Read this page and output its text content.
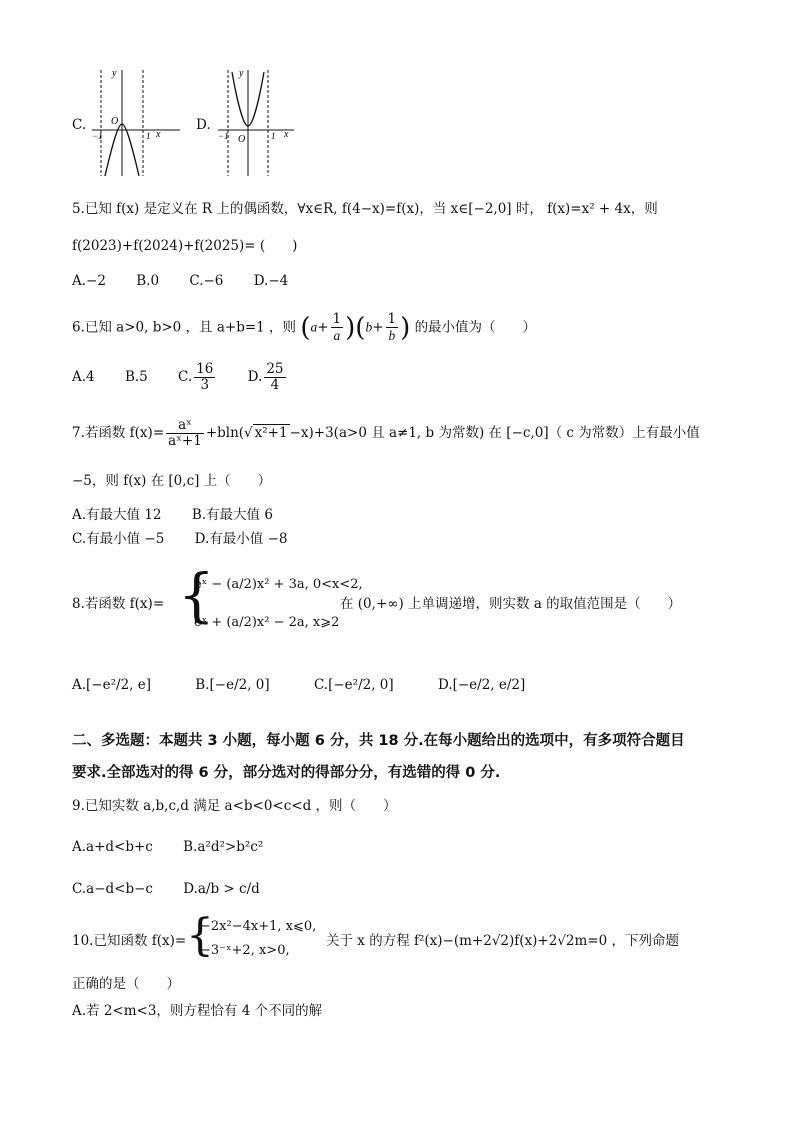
C.
y
x
O
−1	1
D.
y
x
O
−1	1
5.已知 f(x) 是定义在 R 上的偶函数，∀x∈R, f(4−x)=f(x)，当 x∈[−2,0] 时， f(x)=x² + 4x，则
f(2023)+f(2024)+f(2025)= (　　)
A.−2 B.0 C.−6 D.−4
6.已知 a>0, b>0 ，且 a+b=1 ，则 $(a+ \frac{1}{a} )(b+ \frac{1}{b}$ ) 的最小值为（　　）
A.4 B.5 C. $\frac{16}{3} D$. $\frac{25}{4}$
7.若函数 $f(x)= \frac{\text{aˣ}}{\text{aˣ+1}} +bln(√$ x²+1 −x)+3(a>0 且 a≠1, b 为常数) 在 [−c,0]（ c 为常数）上有最小值
−5，则 f(x) 在 [0,c] 上（　　）
A.有最大值 12 B.有最大值 6
C.有最小值 −5 D.有最小值 −8
8.若函数 f(x)= {
eˣ − (a/2)x² + 3a, 0<x<2,
eˣ + (a/2)x² − 2a, x⩾2
在 (0,+∞) 上单调递增，则实数 a 的取值范围是（　　）
A.[−e²/2, e]	B.[−e/2, 0]	C.[−e²/2, 0]	D.[−e/2, e/2]
二、多选题：本题共 3 小题，每小题 6 分，共 18 分.在每小题给出的选项中，有多项符合题目
要求.全部选对的得 6 分，部分选对的得部分分，有选错的得 0 分.
9.已知实数 a,b,c,d 满足 a<b<0<c<d ，则（　　）
A.a+d<b+c B.a²d²>b²c²
C.a−d<b−c D.a/b > c/d
10.已知函数 f(x)= {
−2x²−4x+1, x⩽0,
−3⁻ˣ+2, x>0,
关于 x 的方程 f²(x)−(m+2√2)f(x)+2√2m=0 ，下列命题
正确的是（　　）
A.若 2<m<3，则方程恰有 4 个不同的解
